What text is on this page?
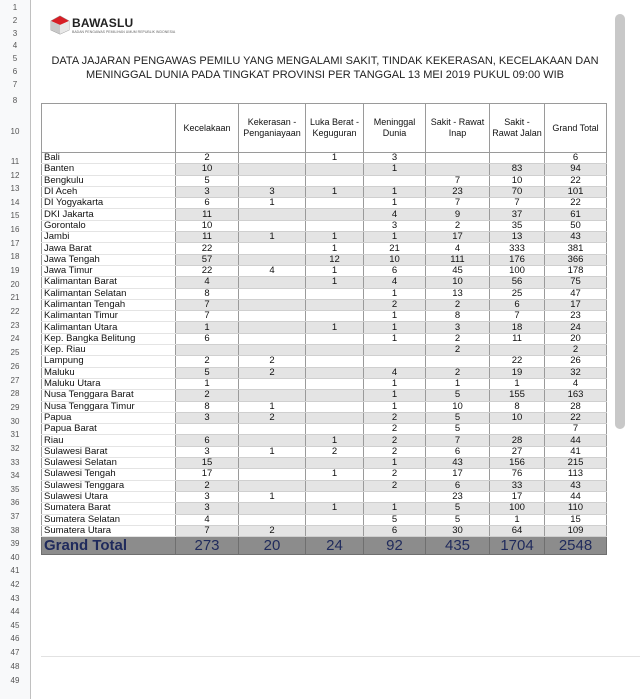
1
2
3
4
5
6
7
8
10
11
12
13
14
15
16
17
18
19
20
21
22
23
24
25
26
27
28
29
30
31
32
33
34
35
36
37
38
39
40
41
42
43
44
45
46
47
48
49
BAWASLU
BADAN PENGAWAS PEMILIHAN UMUM REPUBLIK INDONESIA
DATA JAJARAN PENGAWAS PEMILU YANG MENGALAMI SAKIT, TINDAK KEKERASAN, KECELAKAAN DAN MENINGGAL DUNIA PADA TINGKAT PROVINSI PER TANGGAL 13 MEI 2019 PUKUL 09:00 WIB
	Kecelakaan	Kekerasan - Penganiayaan	Luka Berat - Keguguran	Meninggal Dunia	Sakit - Rawat Inap	Sakit - Rawat Jalan	Grand Total
Bali	2		1	3			6
Banten	10			1		83	94
Bengkulu	5				7	10	22
DI Aceh	3	3	1	1	23	70	101
DI Yogyakarta	6	1		1	7	7	22
DKI Jakarta	11			4	9	37	61
Gorontalo	10			3	2	35	50
Jambi	11	1	1	1	17	13	43
Jawa Barat	22		1	21	4	333	381
Jawa Tengah	57		12	10	111	176	366
Jawa Timur	22	4	1	6	45	100	178
Kalimantan Barat	4		1	4	10	56	75
Kalimantan Selatan	8			1	13	25	47
Kalimantan Tengah	7			2	2	6	17
Kalimantan Timur	7			1	8	7	23
Kalimantan Utara	1		1	1	3	18	24
Kep. Bangka Belitung	6			1	2	11	20
Kep. Riau					2		2
Lampung	2	2				22	26
Maluku	5	2		4	2	19	32
Maluku Utara	1			1	1	1	4
Nusa Tenggara Barat	2			1	5	155	163
Nusa Tenggara Timur	8	1		1	10	8	28
Papua	3	2		2	5	10	22
Papua Barat				2	5		7
Riau	6		1	2	7	28	44
Sulawesi Barat	3	1	2	2	6	27	41
Sulawesi Selatan	15			1	43	156	215
Sulawesi Tengah	17		1	2	17	76	113
Sulawesi Tenggara	2			2	6	33	43
Sulawesi Utara	3	1			23	17	44
Sumatera Barat	3		1	1	5	100	110
Sumatera Selatan	4			5	5	1	15
Sumatera Utara	7	2		6	30	64	109
Grand Total	273	20	24	92	435	1704	2548
